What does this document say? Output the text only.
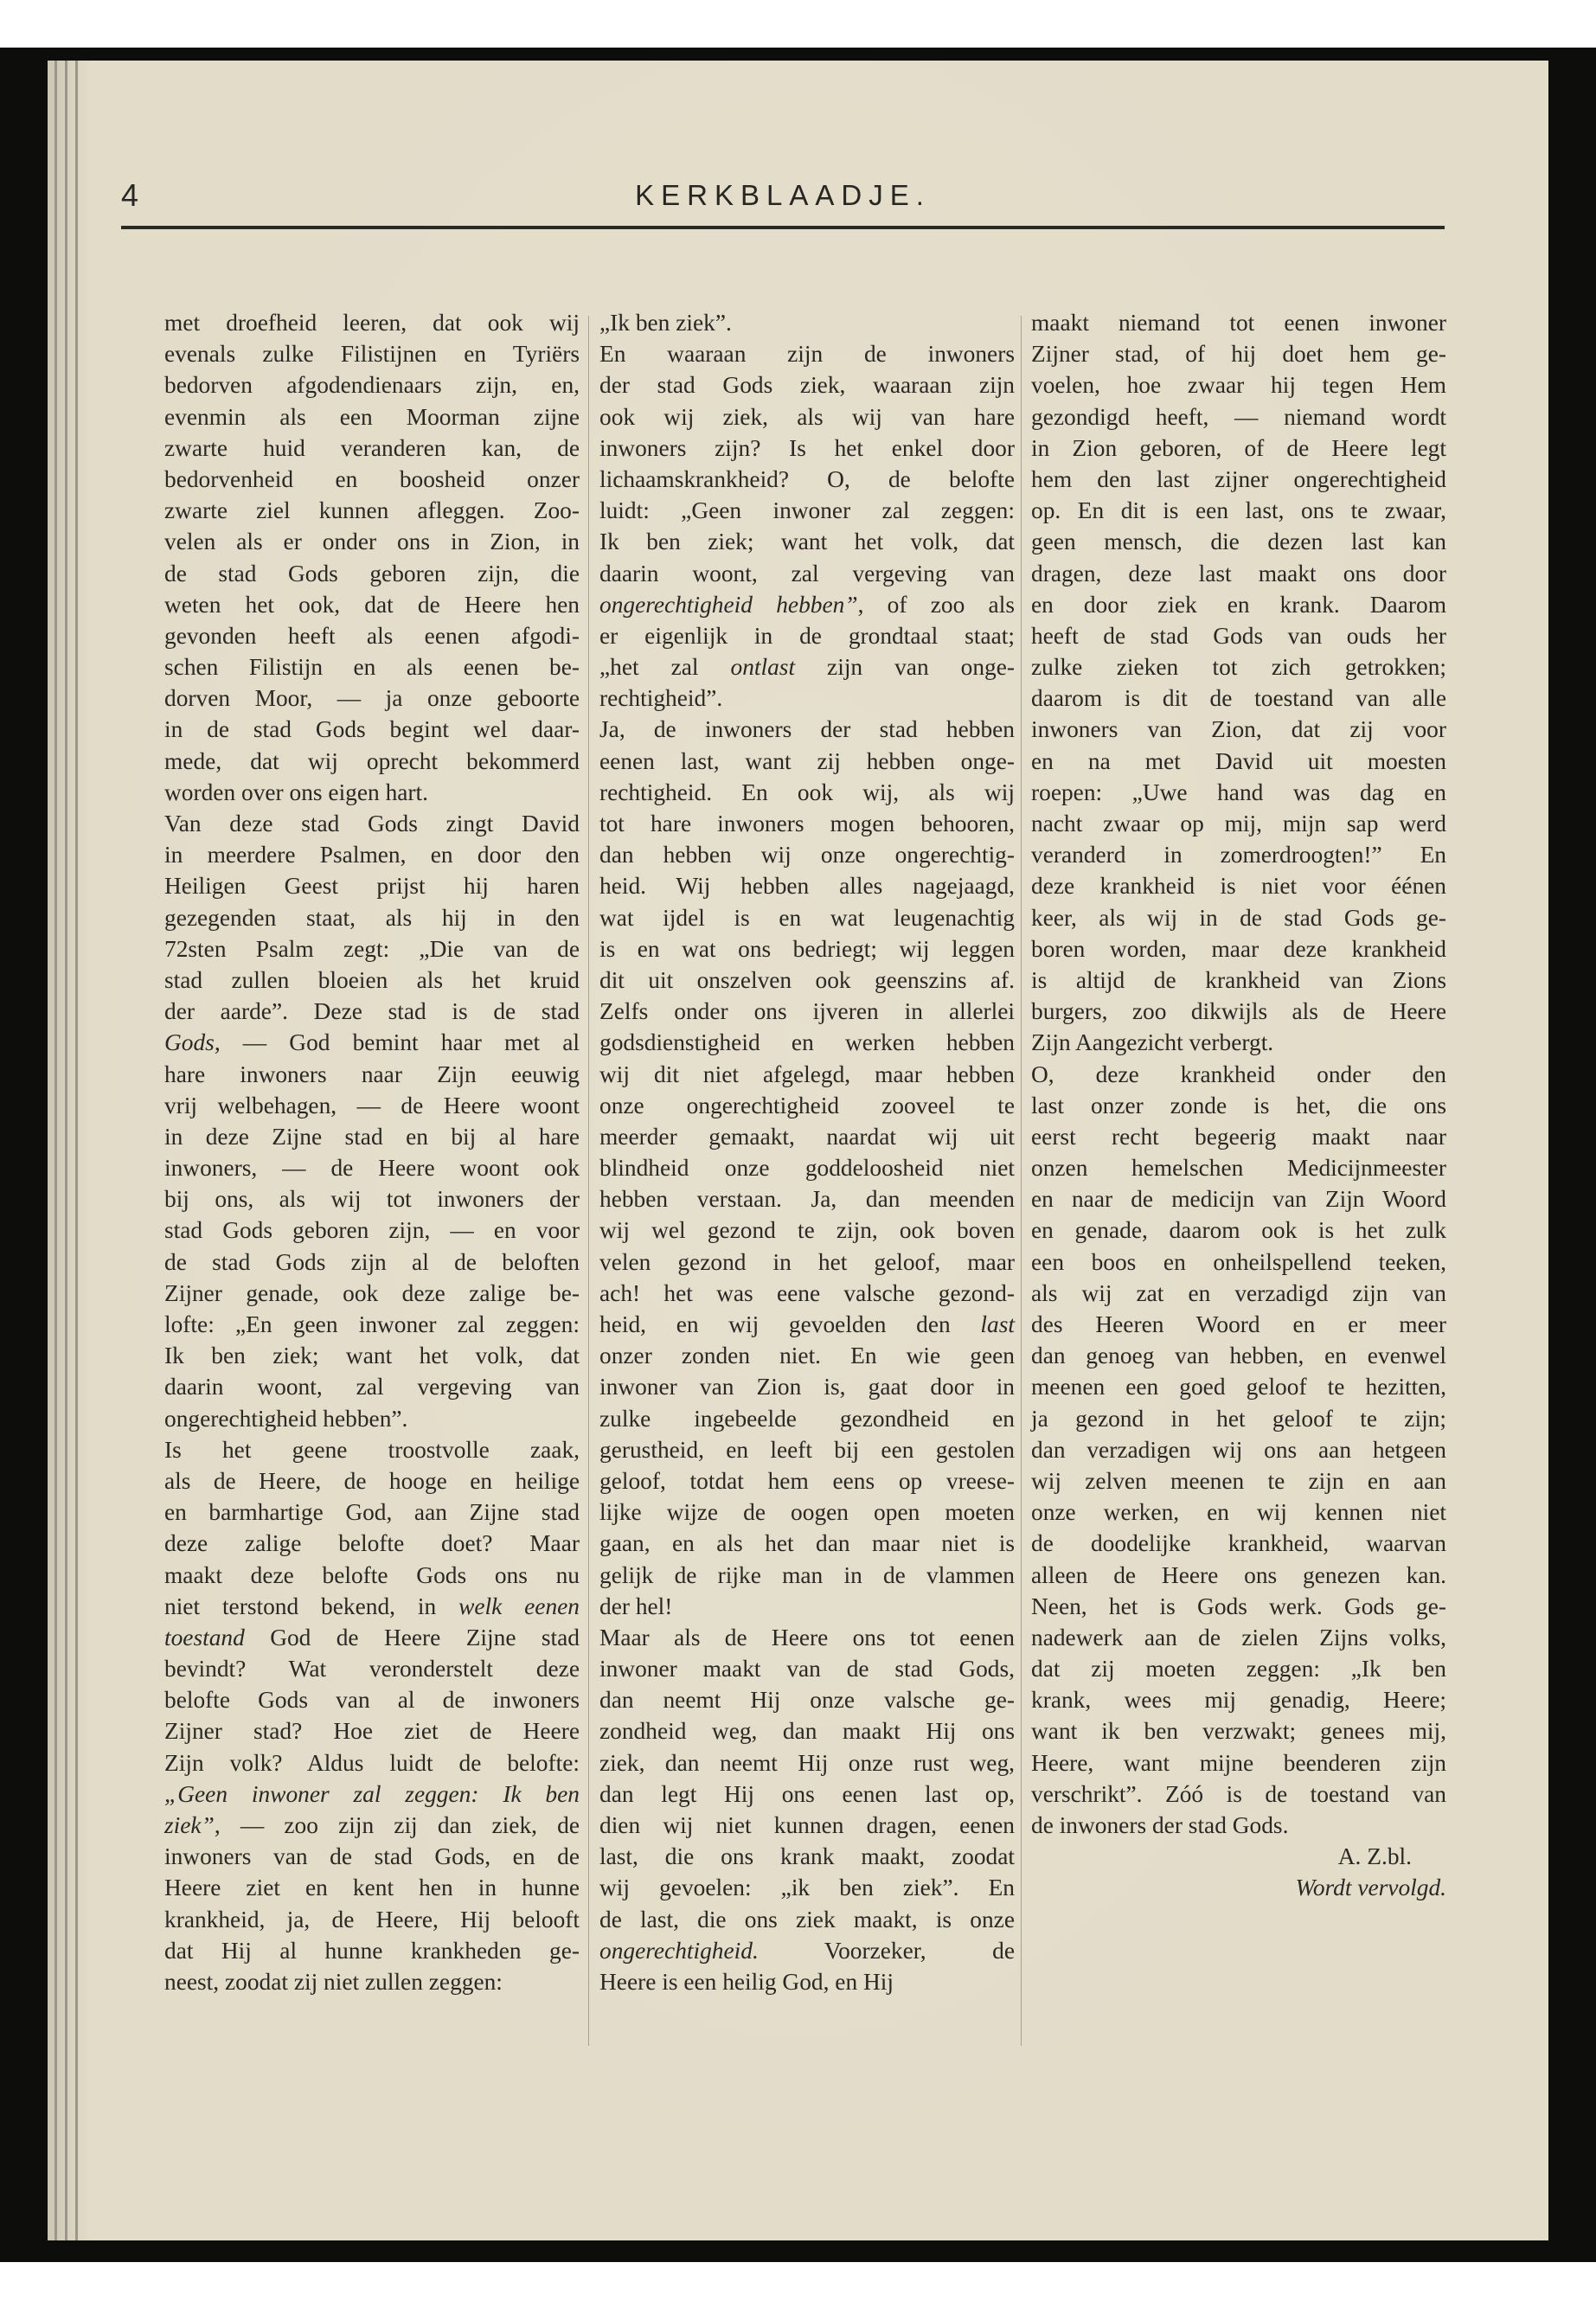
4	KERKBLAADJE.
met droefheid leeren, dat ook wij
evenals zulke Filistijnen en Tyriërs
bedorven afgodendienaars zijn, en,
evenmin als een Moorman zijne
zwarte huid veranderen kan, de
bedorvenheid en boosheid onzer
zwarte ziel kunnen afleggen. Zoo-
velen als er onder ons in Zion, in
de stad Gods geboren zijn, die
weten het ook, dat de Heere hen
gevonden heeft als eenen afgodi-
schen Filistijn en als eenen be-
dorven Moor, — ja onze geboorte
in de stad Gods begint wel daar-
mede, dat wij oprecht bekommerd
worden over ons eigen hart.
Van deze stad Gods zingt David
in meerdere Psalmen, en door den
Heiligen Geest prijst hij haren
gezegenden staat, als hij in den
72sten Psalm zegt: „Die van de
stad zullen bloeien als het kruid
der aarde”. Deze stad is de stad
Gods, — God bemint haar met al
hare inwoners naar Zijn eeuwig
vrij welbehagen, — de Heere woont
in deze Zijne stad en bij al hare
inwoners, — de Heere woont ook
bij ons, als wij tot inwoners der
stad Gods geboren zijn, — en voor
de stad Gods zijn al de beloften
Zijner genade, ook deze zalige be-
lofte: „En geen inwoner zal zeggen:
Ik ben ziek; want het volk, dat
daarin woont, zal vergeving van
ongerechtigheid hebben”.
Is het geene troostvolle zaak,
als de Heere, de hooge en heilige
en barmhartige God, aan Zijne stad
deze zalige belofte doet? Maar
maakt deze belofte Gods ons nu
niet terstond bekend, in welk eenen
toestand God de Heere Zijne stad
bevindt? Wat veronderstelt deze
belofte Gods van al de inwoners
Zijner stad? Hoe ziet de Heere
Zijn volk? Aldus luidt de belofte:
„Geen inwoner zal zeggen: Ik ben
ziek”, — zoo zijn zij dan ziek, de
inwoners van de stad Gods, en de
Heere ziet en kent hen in hunne
krankheid, ja, de Heere, Hij belooft
dat Hij al hunne krankheden ge-
neest, zoodat zij niet zullen zeggen:
„Ik ben ziek”.
En waaraan zijn de inwoners
der stad Gods ziek, waaraan zijn
ook wij ziek, als wij van hare
inwoners zijn? Is het enkel door
lichaamskrankheid? O, de belofte
luidt: „Geen inwoner zal zeggen:
Ik ben ziek; want het volk, dat
daarin woont, zal vergeving van
ongerechtigheid hebben”, of zoo als
er eigenlijk in de grondtaal staat;
„het zal ontlast zijn van onge-
rechtigheid”.
Ja, de inwoners der stad hebben
eenen last, want zij hebben onge-
rechtigheid. En ook wij, als wij
tot hare inwoners mogen behooren,
dan hebben wij onze ongerechtig-
heid. Wij hebben alles nagejaagd,
wat ijdel is en wat leugenachtig
is en wat ons bedriegt; wij leggen
dit uit onszelven ook geenszins af.
Zelfs onder ons ijveren in allerlei
godsdienstigheid en werken hebben
wij dit niet afgelegd, maar hebben
onze ongerechtigheid zooveel te
meerder gemaakt, naardat wij uit
blindheid onze goddeloosheid niet
hebben verstaan. Ja, dan meenden
wij wel gezond te zijn, ook boven
velen gezond in het geloof, maar
ach! het was eene valsche gezond-
heid, en wij gevoelden den last
onzer zonden niet. En wie geen
inwoner van Zion is, gaat door in
zulke ingebeelde gezondheid en
gerustheid, en leeft bij een gestolen
geloof, totdat hem eens op vreese-
lijke wijze de oogen open moeten
gaan, en als het dan maar niet is
gelijk de rijke man in de vlammen
der hel!
Maar als de Heere ons tot eenen
inwoner maakt van de stad Gods,
dan neemt Hij onze valsche ge-
zondheid weg, dan maakt Hij ons
ziek, dan neemt Hij onze rust weg,
dan legt Hij ons eenen last op,
dien wij niet kunnen dragen, eenen
last, die ons krank maakt, zoodat
wij gevoelen: „ik ben ziek”. En
de last, die ons ziek maakt, is onze
ongerechtigheid. Voorzeker, de
Heere is een heilig God, en Hij
maakt niemand tot eenen inwoner
Zijner stad, of hij doet hem ge-
voelen, hoe zwaar hij tegen Hem
gezondigd heeft, — niemand wordt
in Zion geboren, of de Heere legt
hem den last zijner ongerechtigheid
op. En dit is een last, ons te zwaar,
geen mensch, die dezen last kan
dragen, deze last maakt ons door
en door ziek en krank. Daarom
heeft de stad Gods van ouds her
zulke zieken tot zich getrokken;
daarom is dit de toestand van alle
inwoners van Zion, dat zij voor
en na met David uit moesten
roepen: „Uwe hand was dag en
nacht zwaar op mij, mijn sap werd
veranderd in zomerdroogten!” En
deze krankheid is niet voor éénen
keer, als wij in de stad Gods ge-
boren worden, maar deze krankheid
is altijd de krankheid van Zions
burgers, zoo dikwijls als de Heere
Zijn Aangezicht verbergt.
O, deze krankheid onder den
last onzer zonde is het, die ons
eerst recht begeerig maakt naar
onzen hemelschen Medicijnmeester
en naar de medicijn van Zijn Woord
en genade, daarom ook is het zulk
een boos en onheilspellend teeken,
als wij zat en verzadigd zijn van
des Heeren Woord en er meer
dan genoeg van hebben, en evenwel
meenen een goed geloof te hezitten,
ja gezond in het geloof te zijn;
dan verzadigen wij ons aan hetgeen
wij zelven meenen te zijn en aan
onze werken, en wij kennen niet
de doodelijke krankheid, waarvan
alleen de Heere ons genezen kan.
Neen, het is Gods werk. Gods ge-
nadewerk aan de zielen Zijns volks,
dat zij moeten zeggen: „Ik ben
krank, wees mij genadig, Heere;
want ik ben verzwakt; genees mij,
Heere, want mijne beenderen zijn
verschrikt”. Zóó is de toestand van
de inwoners der stad Gods.
A. Z.bl.
Wordt vervolgd.
